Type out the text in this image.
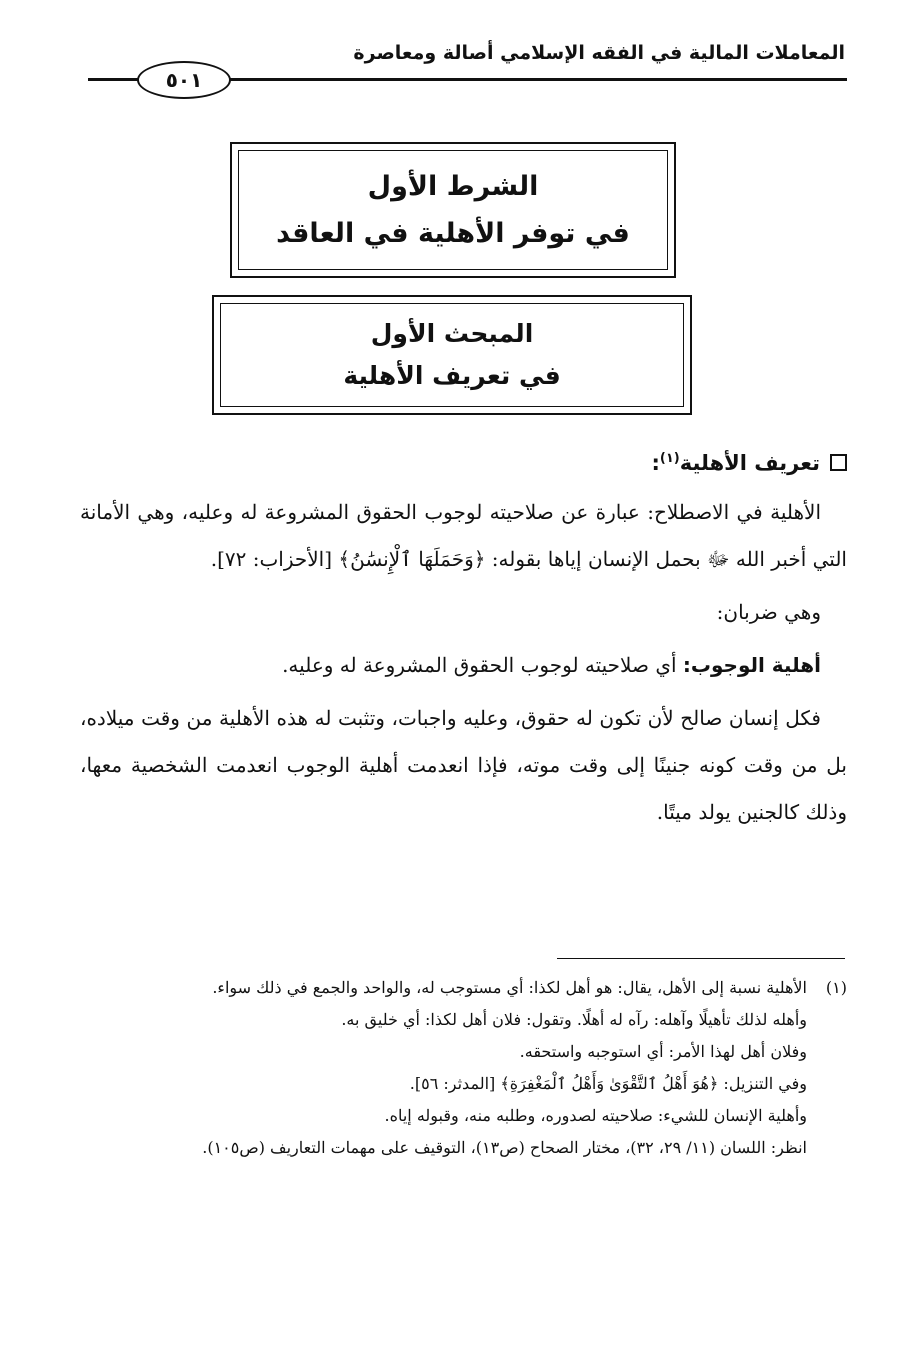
المعاملات المالية في الفقه الإسلامي أصالة ومعاصرة
٥٠١
الشرط الأول
في توفر الأهلية في العاقد
المبحث الأول
في تعريف الأهلية

تعريف الأهلية$^{(١)}$:

الأهلية في الاصطلاح: عبارة عن صلاحيته لوجوب الحقوق المشروعة له وعليه، وهي الأمانة التي أخبر الله ﷻ بحمل الإنسان إياها بقوله: ﴿وَحَمَلَهَا ٱلْإِنسَٰنُ﴾ [الأحزاب: ٧٢].

وهي ضربان:

أهلية الوجوب: أي صلاحيته لوجوب الحقوق المشروعة له وعليه.

فكل إنسان صالح لأن تكون له حقوق، وعليه واجبات، وتثبت له هذه الأهلية من وقت ميلاده، بل من وقت كونه جنينًا إلى وقت موته، فإذا انعدمت أهلية الوجوب انعدمت الشخصية معها، وذلك كالجنين يولد ميتًا.

(١)الأهلية نسبة إلى الأهل، يقال: هو أهل لكذا: أي مستوجب له، والواحد والجمع في ذلك سواء.

وأهله لذلك تأهيلًا وآهله: رآه له أهلًا. وتقول: فلان أهل لكذا: أي خليق به.

وفلان أهل لهذا الأمر: أي استوجبه واستحقه.

وفي التنزيل: ﴿هُوَ أَهْلُ ٱلتَّقْوَىٰ وَأَهْلُ ٱلْمَغْفِرَةِ﴾ [المدثر: ٥٦].

وأهلية الإنسان للشيء: صلاحيته لصدوره، وطلبه منه، وقبوله إياه.

انظر: اللسان (١١/ ٢٩، ٣٢)، مختار الصحاح (ص١٣)، التوقيف على مهمات التعاريف (ص١٠٥).
